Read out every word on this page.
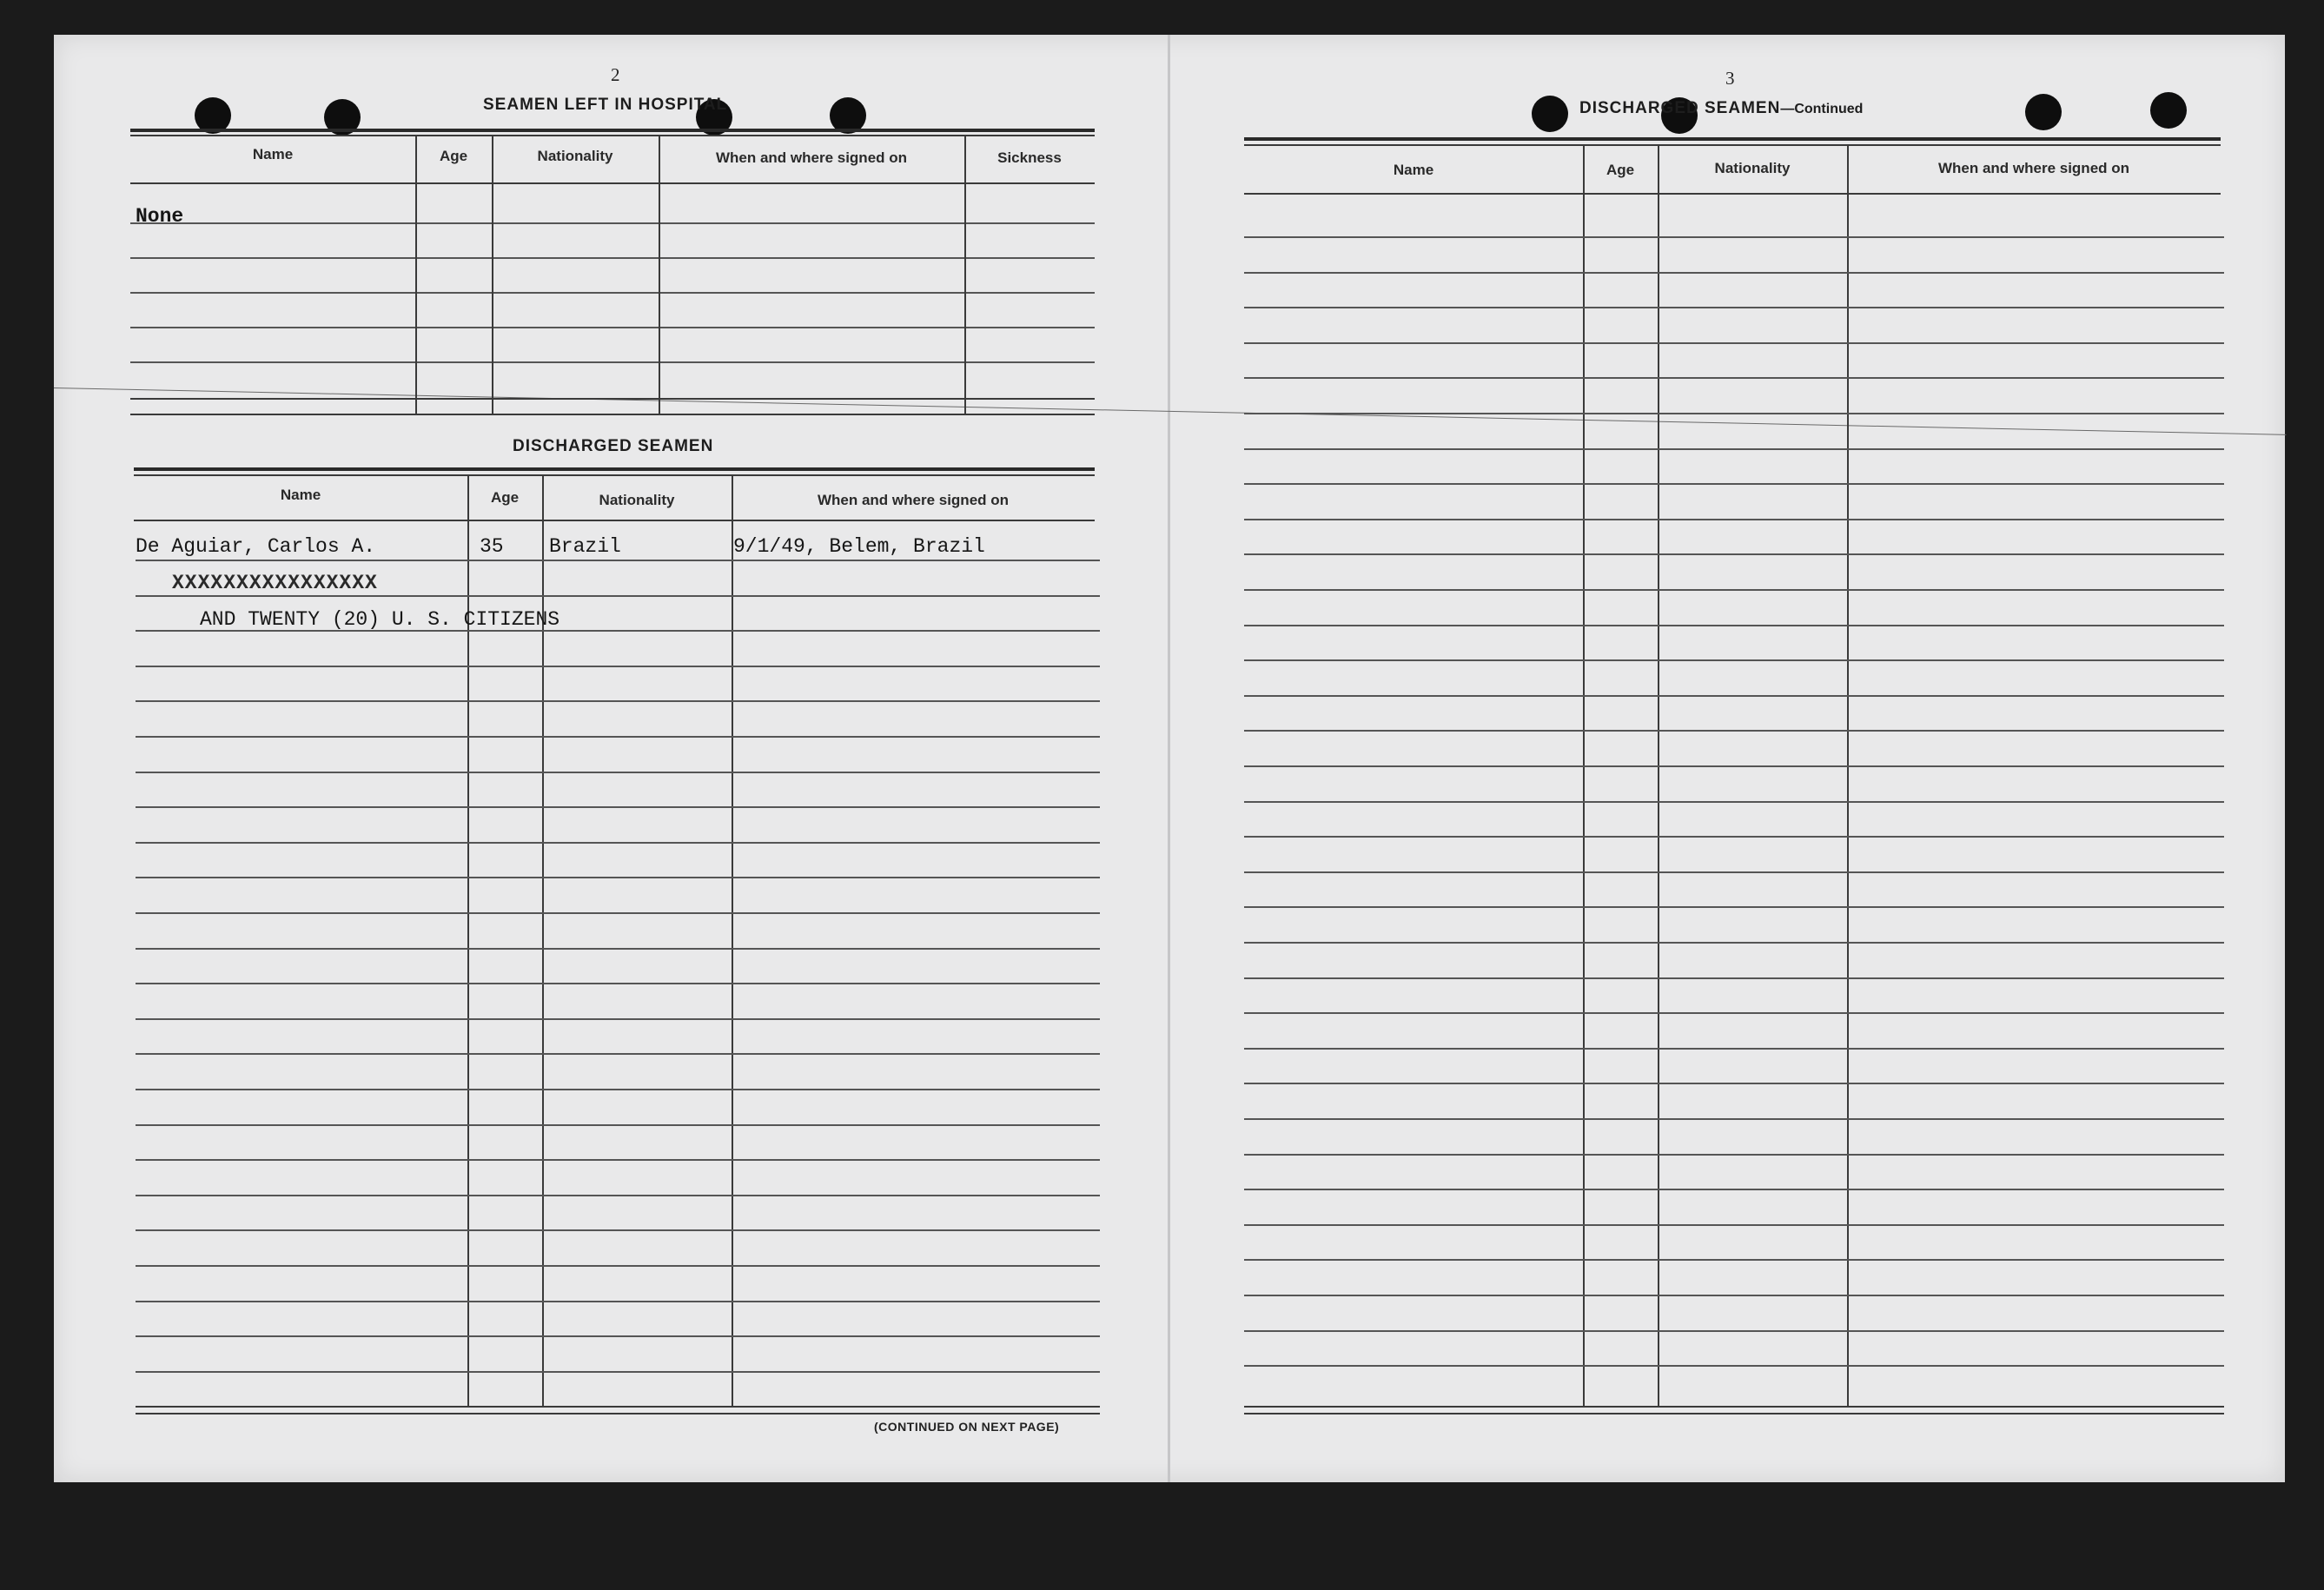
2
SEAMEN LEFT IN HOSPITAL
Name	Age	Nationality	When and where signed on	Sickness
None
DISCHARGED SEAMEN
Name	Age	Nationality	When and where signed on
De Aguiar, Carlos A.	35 Brazil	9/1/49, Belem, Brazil
XXXXXXXXXXXXXXXX
AND TWENTY (20) U. S. CITIZENS
(CONTINUED ON NEXT PAGE)
3
DISCHARGED SEAMEN—Continued
Name	Age	Nationality	When and where signed on
